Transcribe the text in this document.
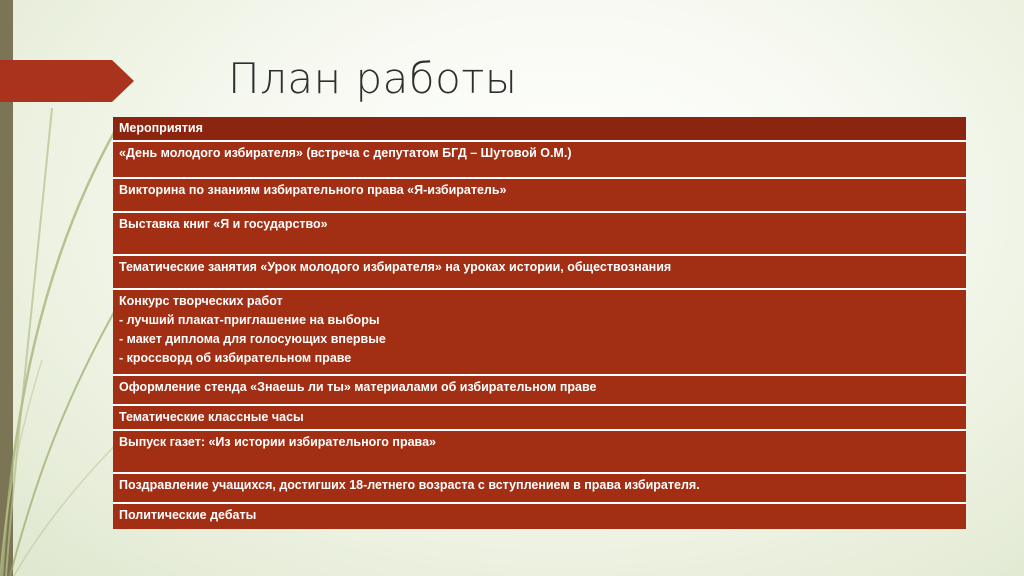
План работы
Мероприятия
«День молодого избирателя» (встреча с депутатом БГД – Шутовой О.М.)
Викторина по знаниям избирательного права «Я-избиратель»
Выставка книг «Я и государство»
Тематические занятия «Урок молодого избирателя» на уроках истории, обществознания
Конкурс творческих работ
- лучший плакат-приглашение на выборы
- макет диплома для голосующих впервые
- кроссворд об избирательном праве
Оформление стенда «Знаешь ли ты» материалами об избирательном праве
Тематические классные часы
Выпуск газет: «Из истории избирательного права»
Поздравление учащихся, достигших 18-летнего возраста с вступлением в права избирателя.
Политические дебаты
